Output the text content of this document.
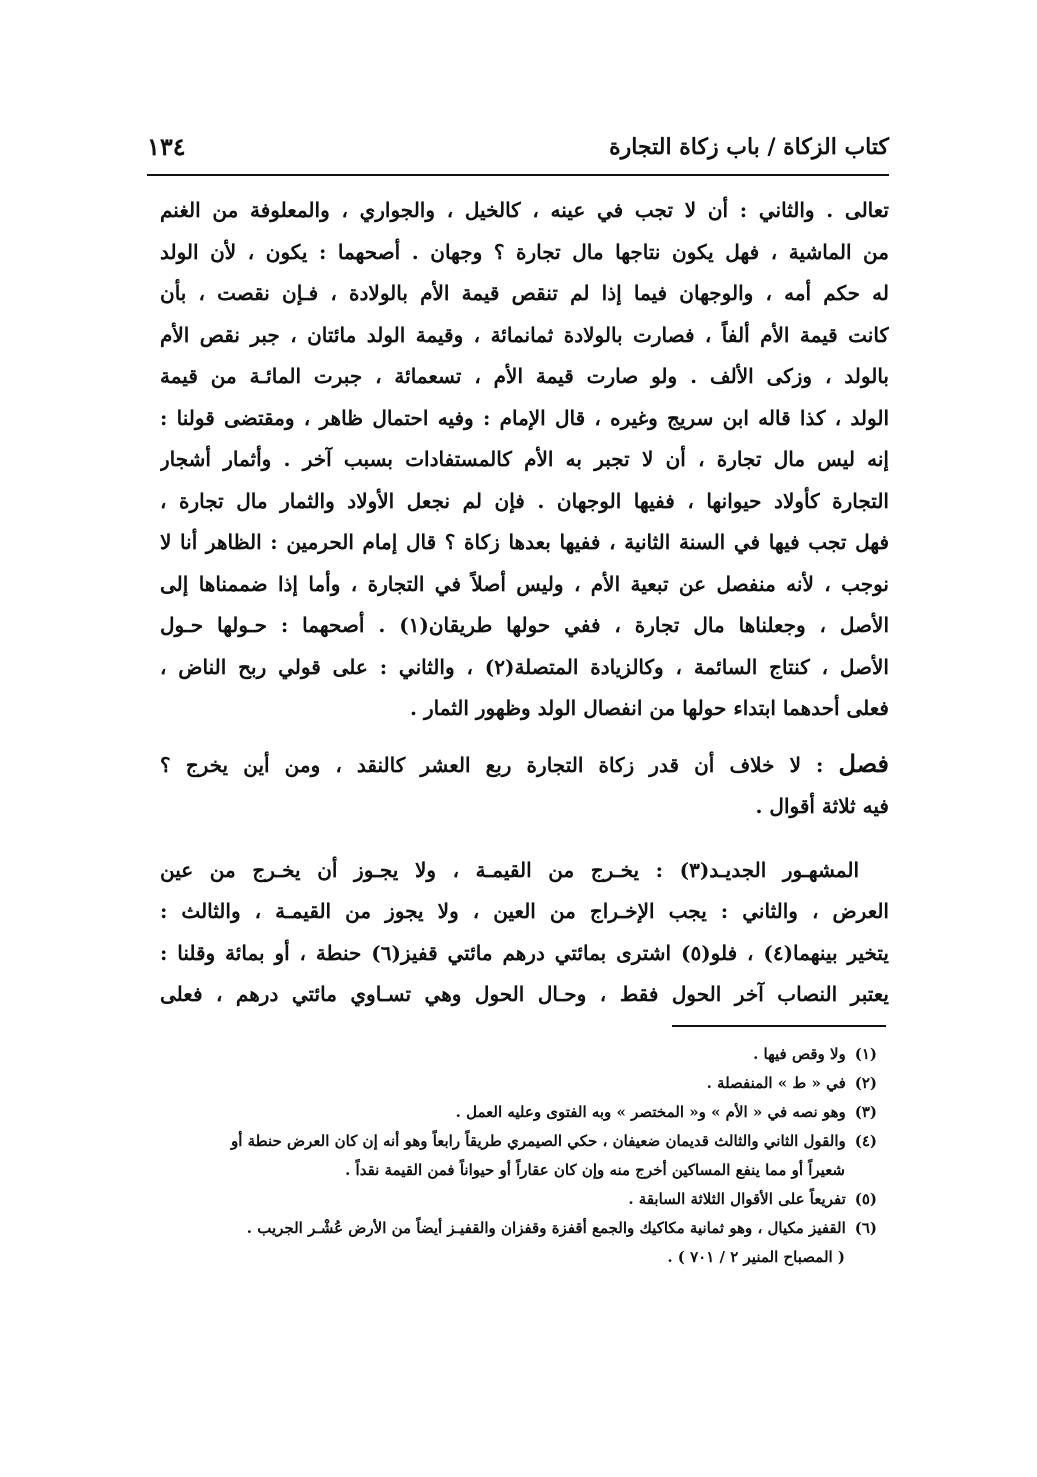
كتاب الزكاة / باب زكاة التجارة
١٣٤

تعالى . والثاني : أن لا تجب في عينه ، كالخيل ، والجواري ، والمعلوفة من الغنم
من الماشية ، فهل يكون نتاجها مال تجارة ؟ وجهان . أصحهما : يكون ، لأن الولد
له حكم أمه ، والوجهان فيما إذا لم تنقص قيمة الأم بالولادة ، فـإن نقصت ، بأن
كانت قيمة الأم ألفاً ، فصارت بالولادة ثمانمائة ، وقيمة الولد مائتان ، جبر نقص الأم
بالولد ، وزكى الألف . ولو صارت قيمة الأم ، تسعمائة ، جبرت المائـة من قيمة
الولد ، كذا قاله ابن سريج وغيره ، قال الإمام : وفيه احتمال ظاهر ، ومقتضى قولنا :
إنه ليس مال تجارة ، أن لا تجبر به الأم كالمستفادات بسبب آخر . وأثمار أشجار
التجارة كأولاد حيوانها ، ففيها الوجهان . فإن لم نجعل الأولاد والثمار مال تجارة ،
فهل تجب فيها في السنة الثانية ، ففيها بعدها زكاة ؟ قال إمام الحرمين : الظاهر أنا لا
نوجب ، لأنه منفصل عن تبعية الأم ، وليس أصلاً في التجارة ، وأما إذا ضممناها إلى
الأصل ، وجعلناها مال تجارة ، ففي حولها طريقان(١) . أصحهما : حـولها حـول
الأصل ، كنتاج السائمة ، وكالزيادة المتصلة(٢) ، والثاني : على قولي ربح الناض ،
فعلى أحدهما ابتداء حولها من انفصال الولد وظهور الثمار .

فصل : لا خلاف أن قدر زكاة التجارة ربع العشر كالنقد ، ومن أين يخرج ؟
فيه ثلاثة أقوال .

المشهـور الجديـد(٣) : يخـرج من القيمـة ، ولا يجـوز أن يخـرج من عين
العرض ، والثاني : يجب الإخـراج من العين ، ولا يجوز من القيمـة ، والثالث :
يتخير بينهما(٤) ، فلو(٥) اشترى بمائتي درهم مائتي قفيز(٦) حنطة ، أو بمائة وقلنا :
يعتبر النصاب آخر الحول فقط ، وحـال الحول وهي تسـاوي مائتي درهم ، فعلى

(١) ولا وقص فيها .

(٢) في « ط » المنفصلة .

(٣) وهو نصه في « الأم » و« المختصر » وبه الفتوى وعليه العمل .

(٤) والقول الثاني والثالث قديمان ضعيفان ، حكي الصيمري طريقاً رابعاً وهو أنه إن كان العرض حنطة أو

شعيراً أو مما ينفع المساكين أخرج منه وإن كان عقاراً أو حيواناً فمن القيمة نقداً .

(٥) تفريعاً على الأقوال الثلاثة السابقة .

(٦) القفيز مكيال ، وهو ثمانية مكاكيك والجمع أقفزة وقفزان والقفيـز أيضاً من الأرض عُشْـر الجريب .

( المصباح المنير ٢ / ٧٠١ ) .
